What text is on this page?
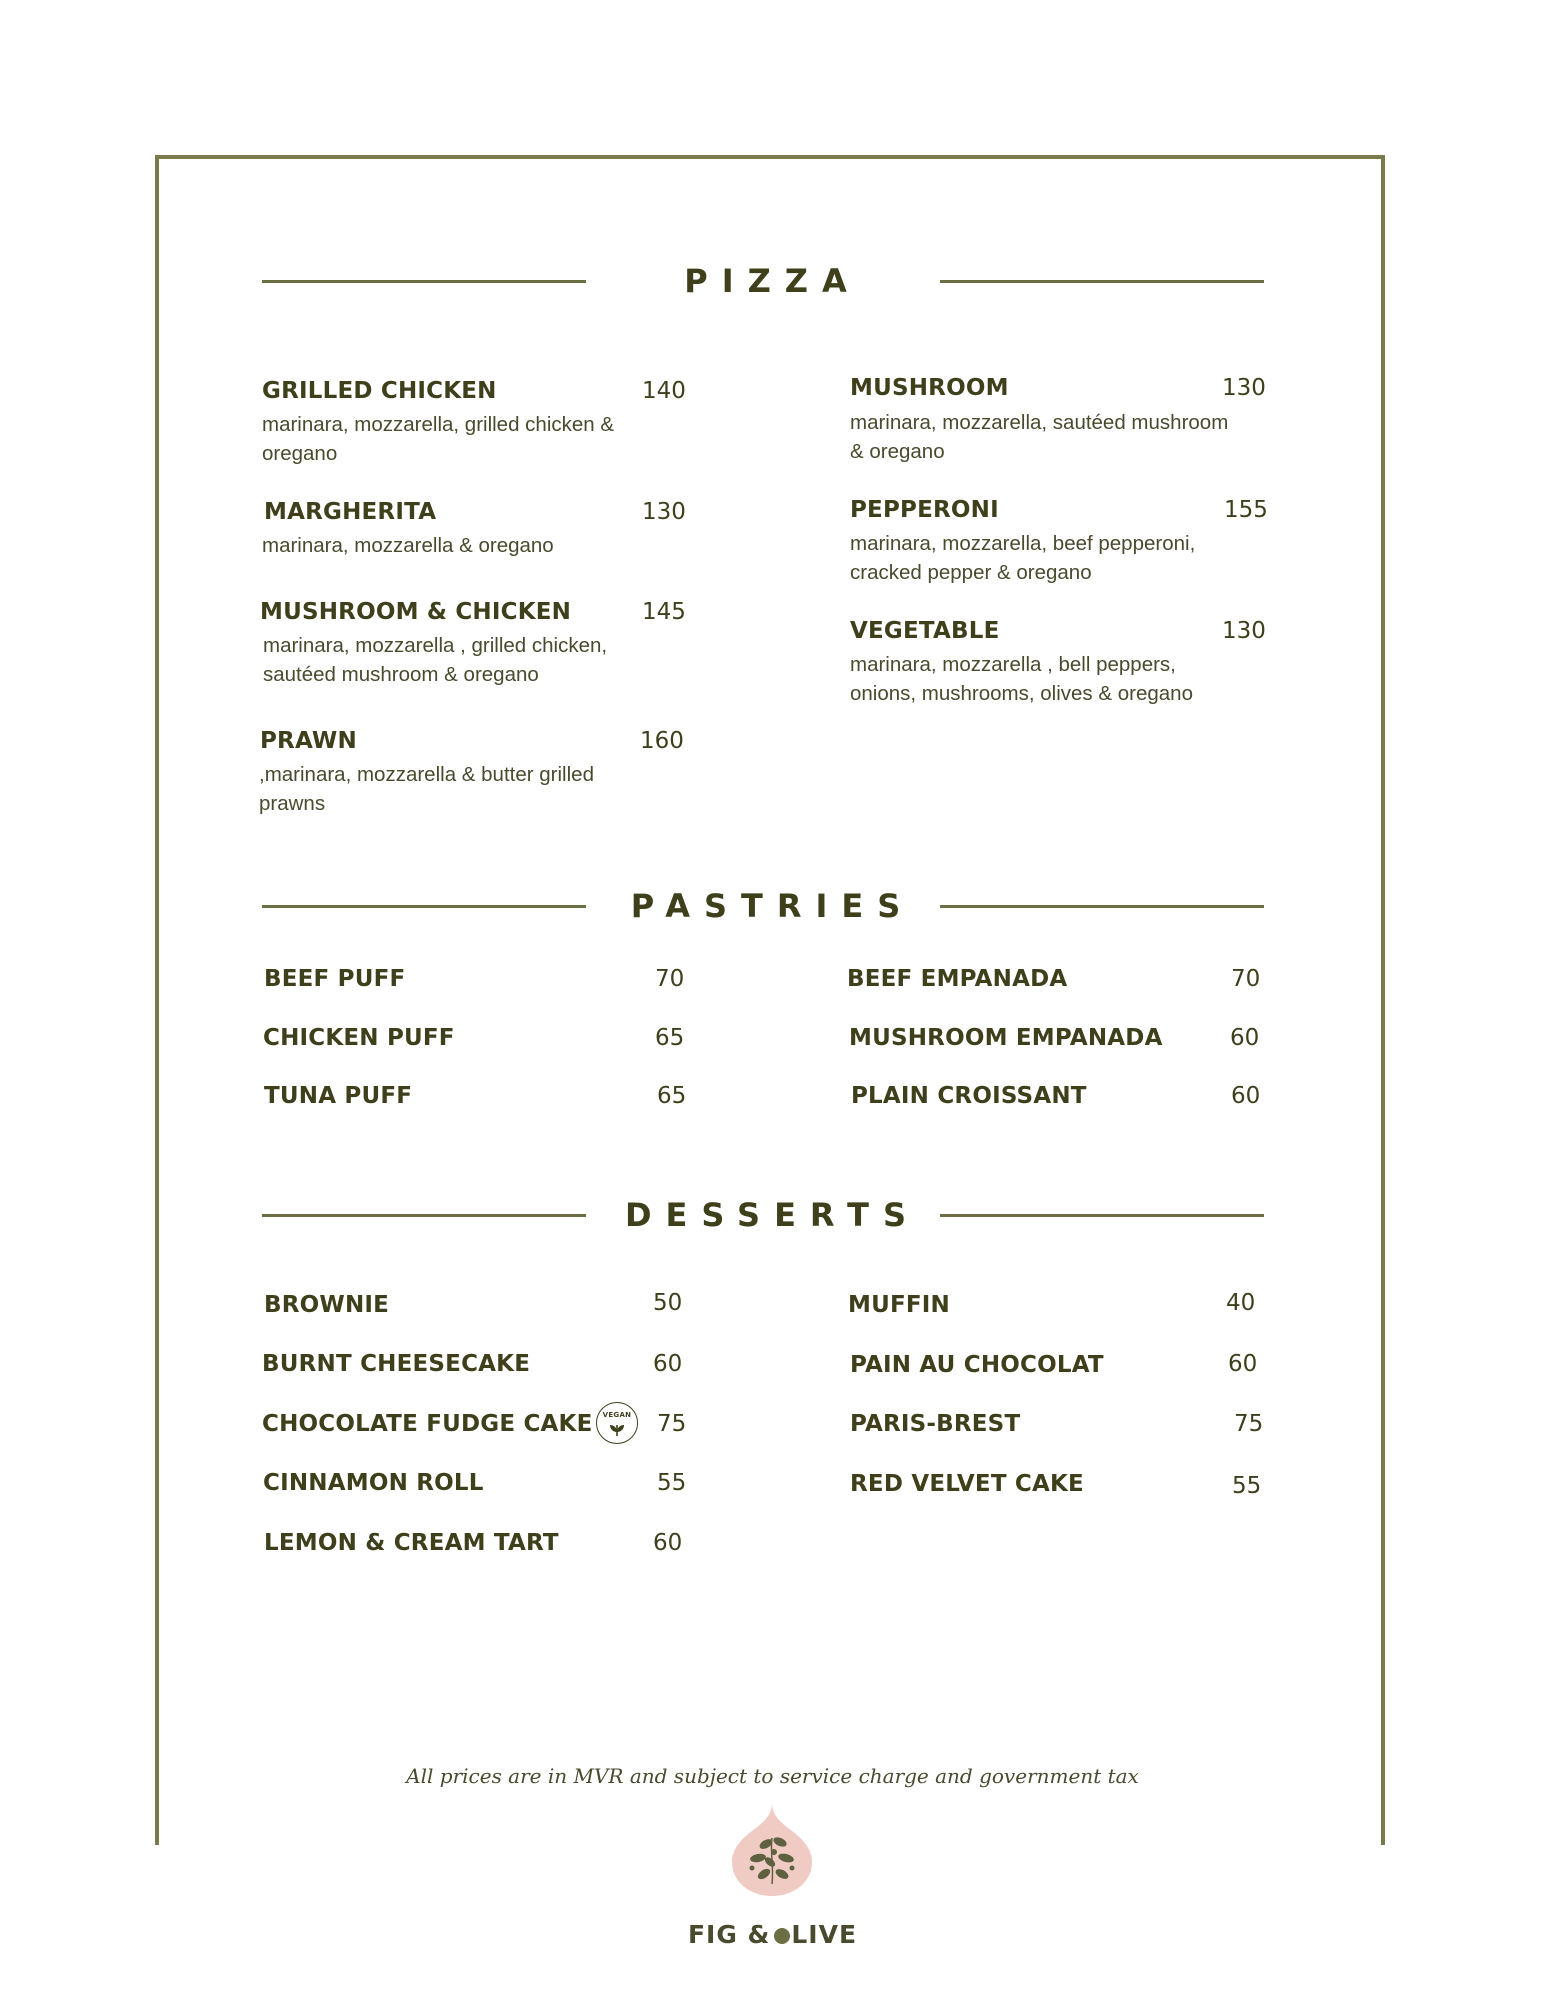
PIZZA
GRILLED CHICKEN	140
marinara, mozzarella, grilled chicken & oregano
MARGHERITA	130
marinara, mozzarella & oregano
MUSHROOM & CHICKEN	145
marinara, mozzarella , grilled chicken, sautéed mushroom & oregano
PRAWN	160
,marinara, mozzarella & butter grilled prawns
MUSHROOM	130
marinara, mozzarella, sautéed mushroom & oregano
PEPPERONI	155
marinara, mozzarella, beef pepperoni, cracked pepper & oregano
VEGETABLE	130
marinara, mozzarella , bell peppers, onions, mushrooms, olives & oregano
PASTRIES
BEEF PUFF	70
CHICKEN PUFF	65
TUNA PUFF	65
BEEF EMPANADA	70
MUSHROOM EMPANADA	60
PLAIN CROISSANT	60
DESSERTS
BROWNIE	50
BURNT CHEESECAKE	60
CHOCOLATE FUDGE CAKE	VEGAN 75
CINNAMON ROLL	55
LEMON & CREAM TART	60
MUFFIN	40
PAIN AU CHOCOLAT	60
PARIS-BREST	75
RED VELVET CAKE	55
All prices are in MVR and subject to service charge and government tax
FIG & LIVE
